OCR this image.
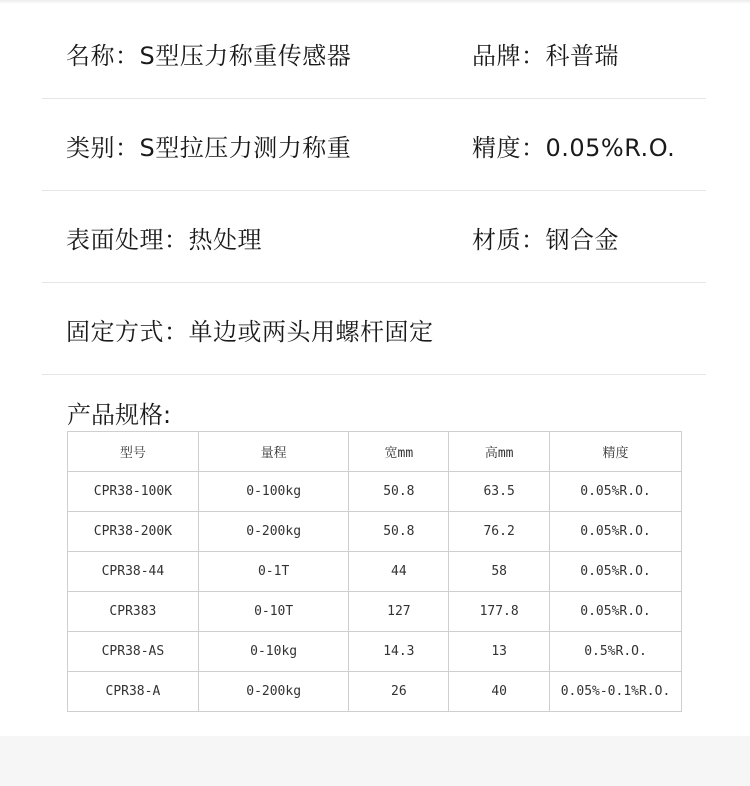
名称：S型压力称重传感器	品牌：科普瑞
类别：S型拉压力测力称重	精度：0.05%R.O.
表面处理：热处理	材质：钢合金
固定方式：单边或两头用螺杆固定
产品规格:
型号	量程	宽mm	高mm	精度
CPR38-100K	0-100kg	50.8	63.5	0.05%R.O.
CPR38-200K	0-200kg	50.8	76.2	0.05%R.O.
CPR38-44	0-1T	44	58	0.05%R.O.
CPR383	0-10T	127	177.8	0.05%R.O.
CPR38-AS	0-10kg	14.3	13	0.5%R.O.
CPR38-A	0-200kg	26	40	0.05%-0.1%R.O.
